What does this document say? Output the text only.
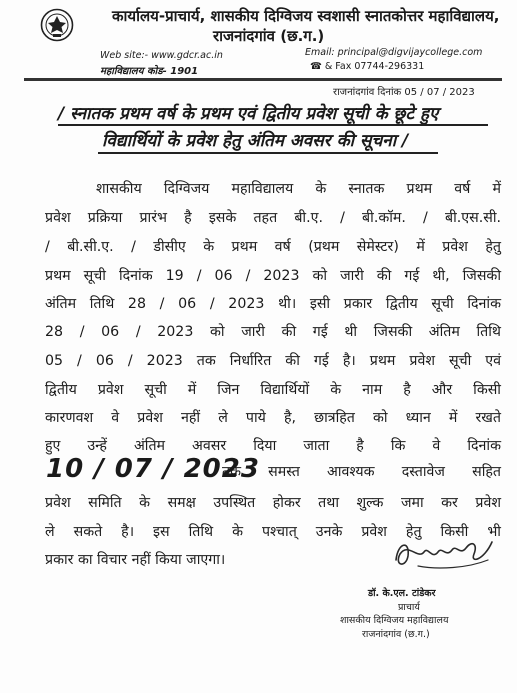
कार्यालय-प्राचार्य, शासकीय दिग्विजय स्वशासी स्नातकोत्तर महाविद्यालय,
राजनांदगांव (छ.ग.)
Web site:- www.gdcr.ac.in
महाविद्यालय कोड- 1901
Email: principal@digvijaycollege.com
☎ & Fax 07744-296331
राजनांदगांव दिनांक 05 / 07 / 2023
/ स्नातक प्रथम वर्ष के प्रथम एवं द्वितीय प्रवेश सूची के छूटे हुए
विद्यार्थियों के प्रवेश हेतु अंतिम अवसर की सूचना /
शासकीय दिग्विजय महाविद्यालय के स्नातक प्रथम वर्ष में
प्रवेश प्रक्रिया प्रारंभ है इसके तहत बी.ए. / बी.कॉम. / बी.एस.सी.
/ बी.सी.ए. / डीसीए के प्रथम वर्ष (प्रथम सेमेस्टर) में प्रवेश हेतु
प्रथम सूची दिनांक 19 / 06 / 2023 को जारी की गई थी, जिसकी
अंतिम तिथि 28 / 06 / 2023 थी। इसी प्रकार द्वितीय सूची दिनांक
28 / 06 / 2023 को जारी की गई थी जिसकी अंतिम तिथि
05 / 06 / 2023 तक निर्धारित की गई है। प्रथम प्रवेश सूची एवं
द्वितीय प्रवेश सूची में जिन विद्यार्थियों के नाम है और किसी
कारणवश वे प्रवेश नहीं ले पाये है, छात्रहित को ध्यान में रखते
हुए उन्हें अंतिम अवसर दिया जाता है कि वे दिनांक
10 / 07 / 2023
तक समस्त आवश्यक दस्तावेज सहित
प्रवेश समिति के समक्ष उपस्थित होकर तथा शुल्क जमा कर प्रवेश
ले सकते है। इस तिथि के पश्चात् उनके प्रवेश हेतु किसी भी
प्रकार का विचार नहीं किया जाएगा।
डॉ. के.एल. टांडेकर
प्राचार्य
शासकीय दिग्विजय महाविद्यालय
राजनांदगांव (छ.ग.)
